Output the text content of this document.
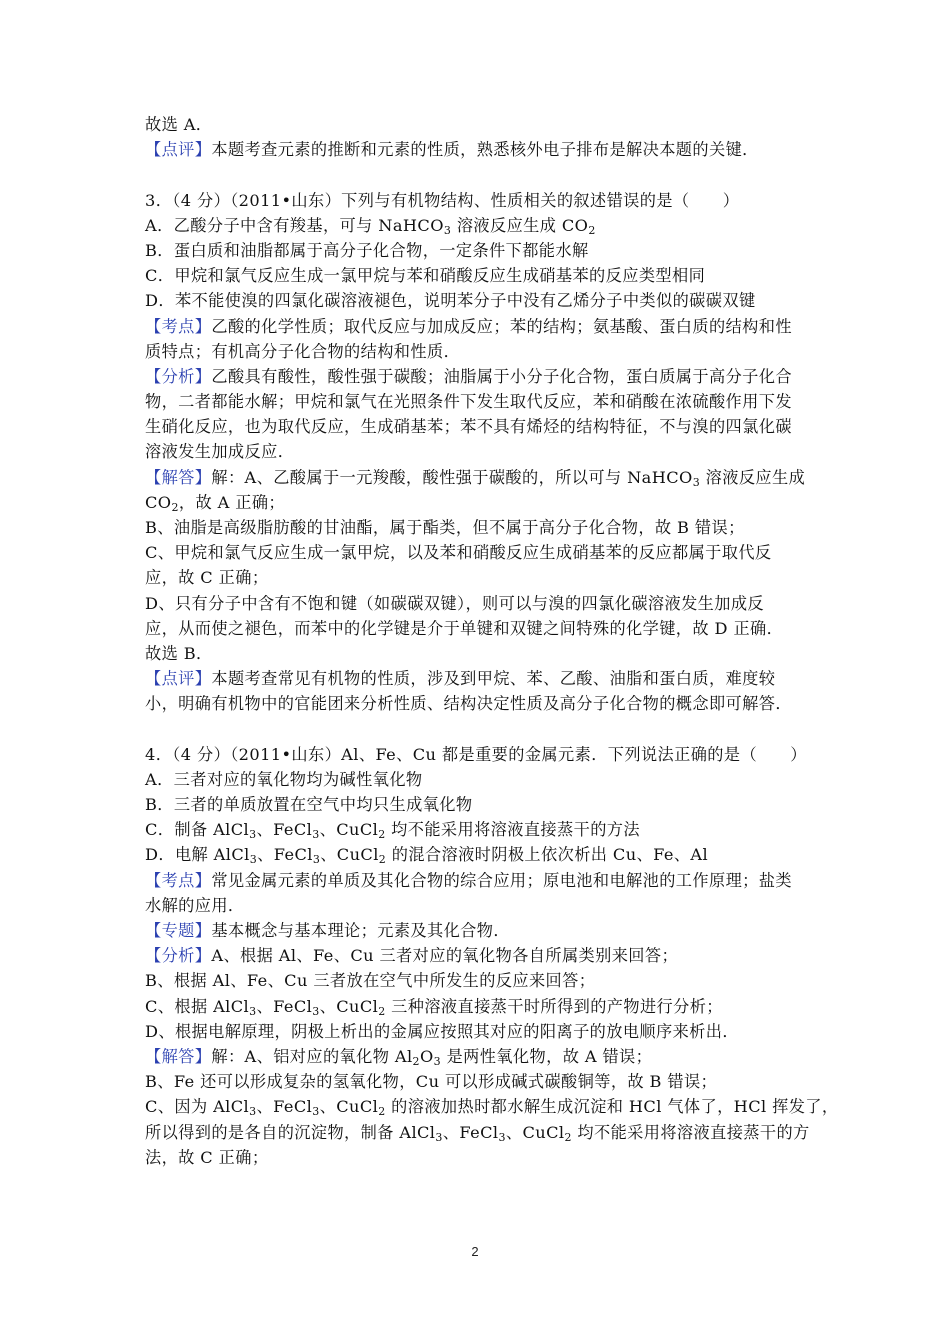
故选 A．
【点评】本题考查元素的推断和元素的性质，熟悉核外电子排布是解决本题的关键．
3．（4 分）（2011•山东）下列与有机物结构、性质相关的叙述错误的是（　　）
A．乙酸分子中含有羧基，可与 NaHCO$_3$ 溶液反应生成 $CO_2$
B．蛋白质和油脂都属于高分子化合物，一定条件下都能水解
C．甲烷和氯气反应生成一氯甲烷与苯和硝酸反应生成硝基苯的反应类型相同
D．苯不能使溴的四氯化碳溶液褪色，说明苯分子中没有乙烯分子中类似的碳碳双键
【考点】乙酸的化学性质；取代反应与加成反应；苯的结构；氨基酸、蛋白质的结构和性
质特点；有机高分子化合物的结构和性质．
【分析】乙酸具有酸性，酸性强于碳酸；油脂属于小分子化合物，蛋白质属于高分子化合
物，二者都能水解；甲烷和氯气在光照条件下发生取代反应，苯和硝酸在浓硫酸作用下发
生硝化反应，也为取代反应，生成硝基苯；苯不具有烯烃的结构特征，不与溴的四氯化碳
溶液发生加成反应．
【解答】解：A、乙酸属于一元羧酸，酸性强于碳酸的，所以可与 NaHCO$_3$ 溶液反应生成
$CO_2$，故 A 正确；
B、油脂是高级脂肪酸的甘油酯，属于酯类，但不属于高分子化合物，故 B 错误；
C、甲烷和氯气反应生成一氯甲烷，以及苯和硝酸反应生成硝基苯的反应都属于取代反
应，故 C 正确；
D、只有分子中含有不饱和键（如碳碳双键），则可以与溴的四氯化碳溶液发生加成反
应，从而使之褪色，而苯中的化学键是介于单键和双键之间特殊的化学键，故 D 正确．
故选 B．
【点评】本题考查常见有机物的性质，涉及到甲烷、苯、乙酸、油脂和蛋白质，难度较
小，明确有机物中的官能团来分析性质、结构决定性质及高分子化合物的概念即可解答．
4．（4 分）（2011•山东）Al、Fe、Cu 都是重要的金属元素．下列说法正确的是（　　）
A．三者对应的氧化物均为碱性氧化物
B．三者的单质放置在空气中均只生成氧化物
C．制备 AlCl$_3$、FeCl$_3$、CuCl$_2$ 均不能采用将溶液直接蒸干的方法
D．电解 AlCl$_3$、FeCl$_3$、CuCl$_2$ 的混合溶液时阴极上依次析出 Cu、Fe、Al
【考点】常见金属元素的单质及其化合物的综合应用；原电池和电解池的工作原理；盐类
水解的应用．
【专题】基本概念与基本理论；元素及其化合物．
【分析】A、根据 Al、Fe、Cu 三者对应的氧化物各自所属类别来回答；
B、根据 Al、Fe、Cu 三者放在空气中所发生的反应来回答；
C、根据 AlCl$_3$、FeCl$_3$、CuCl$_2$ 三种溶液直接蒸干时所得到的产物进行分析；
D、根据电解原理，阴极上析出的金属应按照其对应的阳离子的放电顺序来析出．
【解答】解：A、铝对应的氧化物 $Al_2O_3$ 是两性氧化物，故 A 错误；
B、Fe 还可以形成复杂的氢氧化物，Cu 可以形成碱式碳酸铜等，故 B 错误；
C、因为 AlCl$_3$、FeCl$_3$、CuCl$_2$ 的溶液加热时都水解生成沉淀和 HCl 气体了，HCl 挥发了，
所以得到的是各自的沉淀物，制备 AlCl$_3$、FeCl$_3$、CuCl$_2$ 均不能采用将溶液直接蒸干的方
法，故 C 正确；
2
